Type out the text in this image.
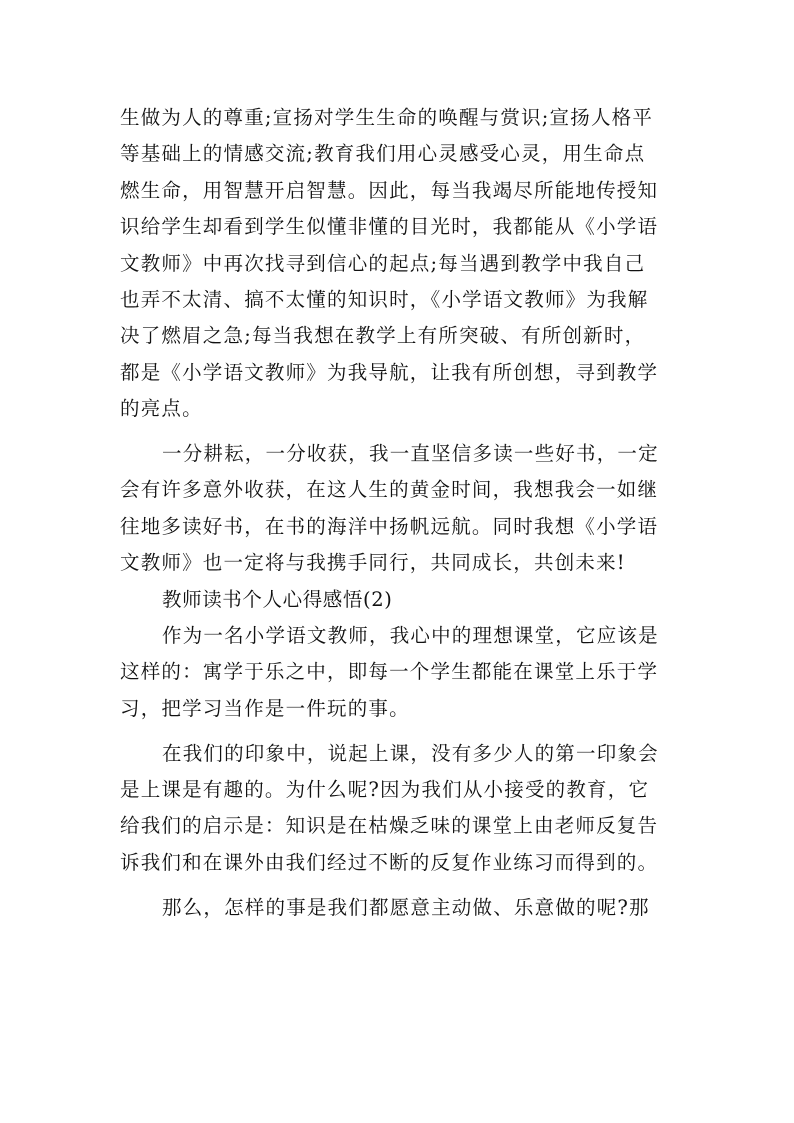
生做为人的尊重;宣扬对学生生命的唤醒与赏识;宣扬人格平
等基础上的情感交流;教育我们用心灵感受心灵，用生命点
燃生命，用智慧开启智慧。因此，每当我竭尽所能地传授知
识给学生却看到学生似懂非懂的目光时，我都能从《小学语
文教师》中再次找寻到信心的起点;每当遇到教学中我自己
也弄不太清、搞不太懂的知识时，《小学语文教师》为我解
决了燃眉之急;每当我想在教学上有所突破、有所创新时，
都是《小学语文教师》为我导航，让我有所创想，寻到教学
的亮点。
一分耕耘，一分收获，我一直坚信多读一些好书，一定
会有许多意外收获，在这人生的黄金时间，我想我会一如继
往地多读好书，在书的海洋中扬帆远航。同时我想《小学语
文教师》也一定将与我携手同行，共同成长，共创未来!
教师读书个人心得感悟(2)
作为一名小学语文教师，我心中的理想课堂，它应该是
这样的：寓学于乐之中，即每一个学生都能在课堂上乐于学
习，把学习当作是一件玩的事。
在我们的印象中，说起上课，没有多少人的第一印象会
是上课是有趣的。为什么呢?因为我们从小接受的教育，它
给我们的启示是：知识是在枯燥乏味的课堂上由老师反复告
诉我们和在课外由我们经过不断的反复作业练习而得到的。
那么，怎样的事是我们都愿意主动做、乐意做的呢?那
